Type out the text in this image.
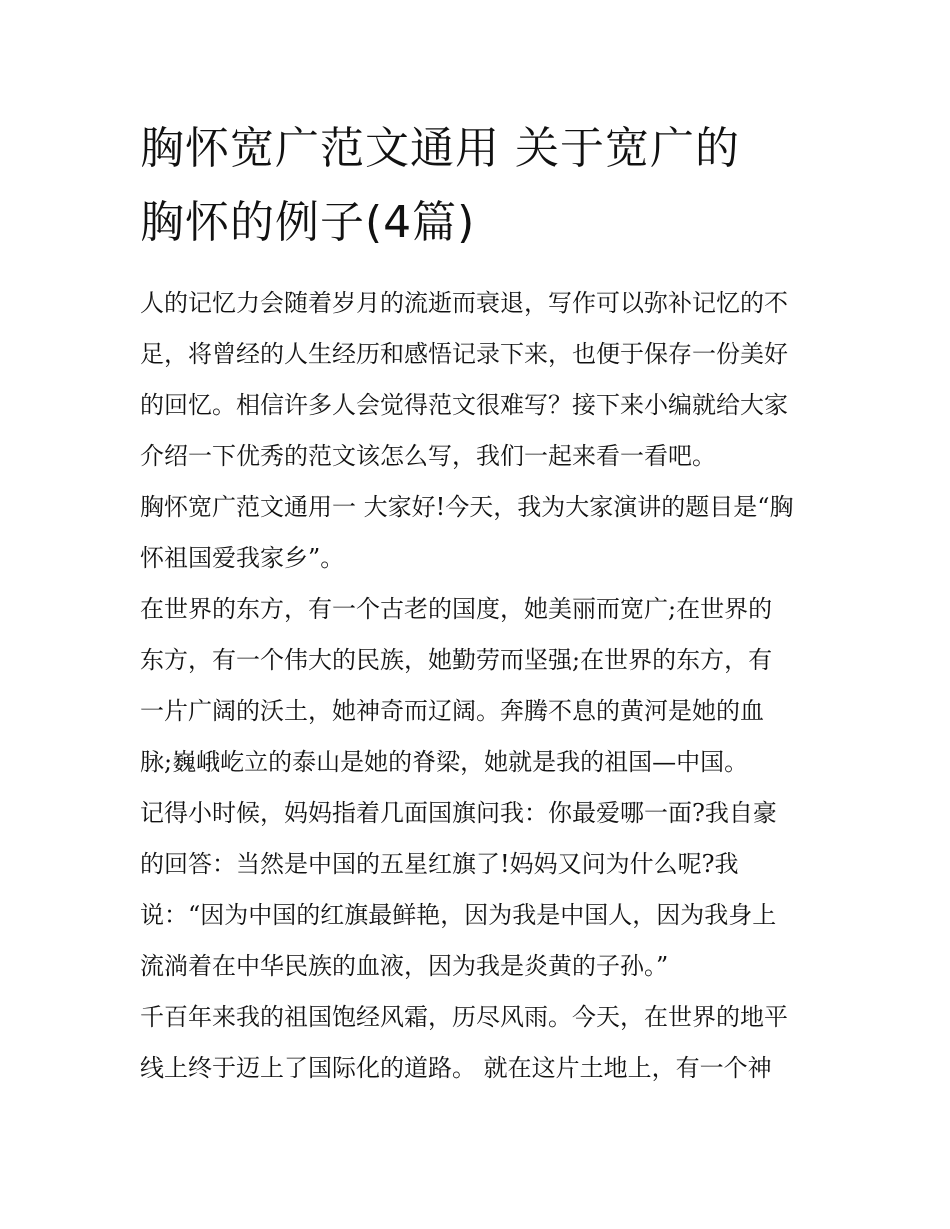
胸怀宽广范文通用 关于宽广的
胸怀的例子(4篇)

人的记忆力会随着岁月的流逝而衰退，写作可以弥补记忆的不
足，将曾经的人生经历和感悟记录下来，也便于保存一份美好
的回忆。相信许多人会觉得范文很难写？接下来小编就给大家
介绍一下优秀的范文该怎么写，我们一起来看一看吧。

胸怀宽广范文通用一 大家好!今天，我为大家演讲的题目是“胸
怀祖国爱我家乡”。

在世界的东方，有一个古老的国度，她美丽而宽广;在世界的
东方，有一个伟大的民族，她勤劳而坚强;在世界的东方，有
一片广阔的沃土，她神奇而辽阔。奔腾不息的黄河是她的血
脉;巍峨屹立的泰山是她的脊梁，她就是我的祖国—中国。

记得小时候，妈妈指着几面国旗问我：你最爱哪一面?我自豪
的回答：当然是中国的五星红旗了!妈妈又问为什么呢?我
说：“因为中国的红旗最鲜艳，因为我是中国人，因为我身上
流淌着在中华民族的血液，因为我是炎黄的子孙。”

千百年来我的祖国饱经风霜，历尽风雨。今天，在世界的地平
线上终于迈上了国际化的道路。 就在这片土地上，有一个神
